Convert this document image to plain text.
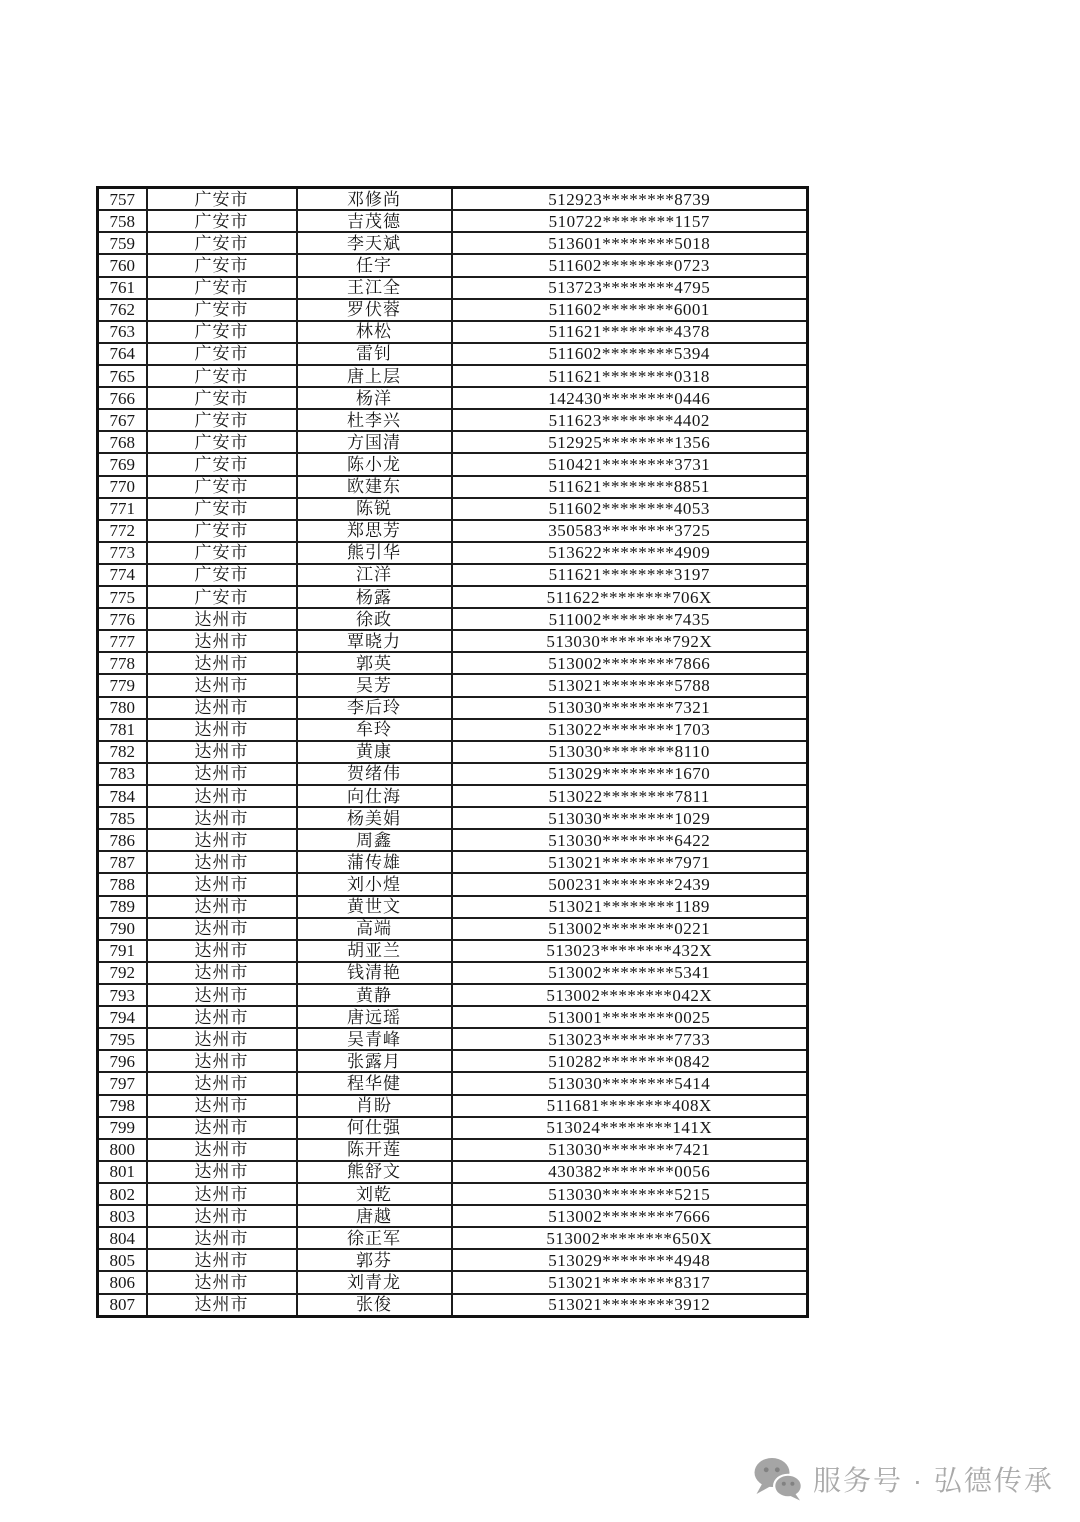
757	广安市	邓修尚	512923********8739
758	广安市	吉茂德	510722********1157
759	广安市	李天斌	513601********5018
760	广安市	任宇	511602********0723
761	广安市	王江全	513723********4795
762	广安市	罗伏蓉	511602********6001
763	广安市	林松	511621********4378
764	广安市	雷钊	511602********5394
765	广安市	唐上层	511621********0318
766	广安市	杨洋	142430********0446
767	广安市	杜李兴	511623********4402
768	广安市	方国清	512925********1356
769	广安市	陈小龙	510421********3731
770	广安市	欧建东	511621********8851
771	广安市	陈锐	511602********4053
772	广安市	郑思芳	350583********3725
773	广安市	熊引华	513622********4909
774	广安市	江洋	511621********3197
775	广安市	杨露	511622********706X
776	达州市	徐政	511002********7435
777	达州市	覃晓力	513030********792X
778	达州市	郭英	513002********7866
779	达州市	吴芳	513021********5788
780	达州市	李后玲	513030********7321
781	达州市	牟玲	513022********1703
782	达州市	黄康	513030********8110
783	达州市	贺绪伟	513029********1670
784	达州市	向仕海	513022********7811
785	达州市	杨美娟	513030********1029
786	达州市	周鑫	513030********6422
787	达州市	蒲传雄	513021********7971
788	达州市	刘小煌	500231********2439
789	达州市	黄世文	513021********1189
790	达州市	高端	513002********0221
791	达州市	胡亚兰	513023********432X
792	达州市	钱清艳	513002********5341
793	达州市	黄静	513002********042X
794	达州市	唐远瑶	513001********0025
795	达州市	吴青峰	513023********7733
796	达州市	张露月	510282********0842
797	达州市	程华健	513030********5414
798	达州市	肖盼	511681********408X
799	达州市	何仕强	513024********141X
800	达州市	陈开莲	513030********7421
801	达州市	熊舒文	430382********0056
802	达州市	刘乾	513030********5215
803	达州市	唐越	513002********7666
804	达州市	徐正军	513002********650X
805	达州市	郭芬	513029********4948
806	达州市	刘青龙	513021********8317
807	达州市	张俊	513021********3912
服务号 · 弘德传承
